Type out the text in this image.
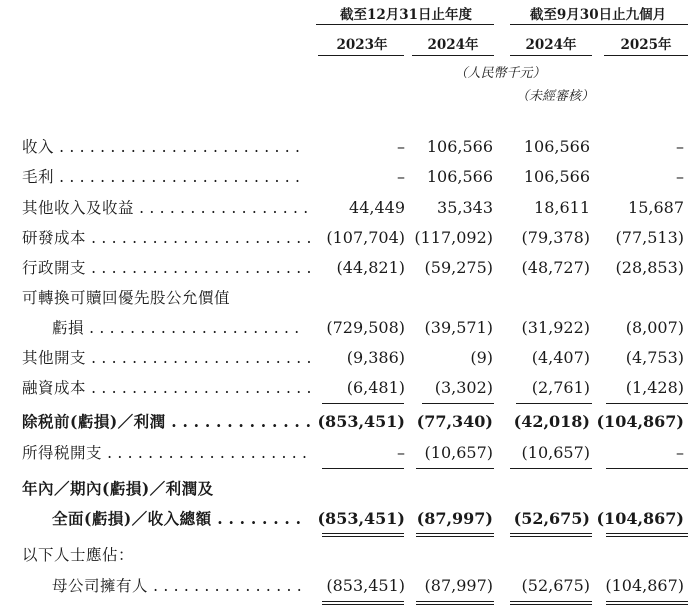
截至12月31日止年度	截至9月30日止九個月
2023年	2024年	2024年	2025年
（人民幣千元）
（未經審核）
收入 . . .	– 106,566 106,566	–
毛利 . . .	– 106,566 106,566	–
其他收入及收益 . . .	44,449 35,343	18,611 15,687
研發成本 . . .	(107,704) (117,092) (79,378) (77,513)
行政開支 . . .	(44,821) (59,275) (48,727) (28,853)
可轉換可贖回優先股公允價值
虧損 . . .	(729,508) (39,571) (31,922) (8,007)
其他開支 . . .	(9,386)	(9) (4,407) (4,753)
融資成本 . . .	(6,481) (3,302) (2,761) (1,428)
除税前(虧損)／利潤 . . .	(853,451) (77,340) (42,018) (104,867)
所得税開支 . . .	– (10,657) (10,657)	–
年內／期內(虧損)／利潤及
全面(虧損)／收入總額 . . .	(853,451) (87,997) (52,675) (104,867)
以下人士應佔：
母公司擁有人 . . .	(853,451) (87,997) (52,675) (104,867)
